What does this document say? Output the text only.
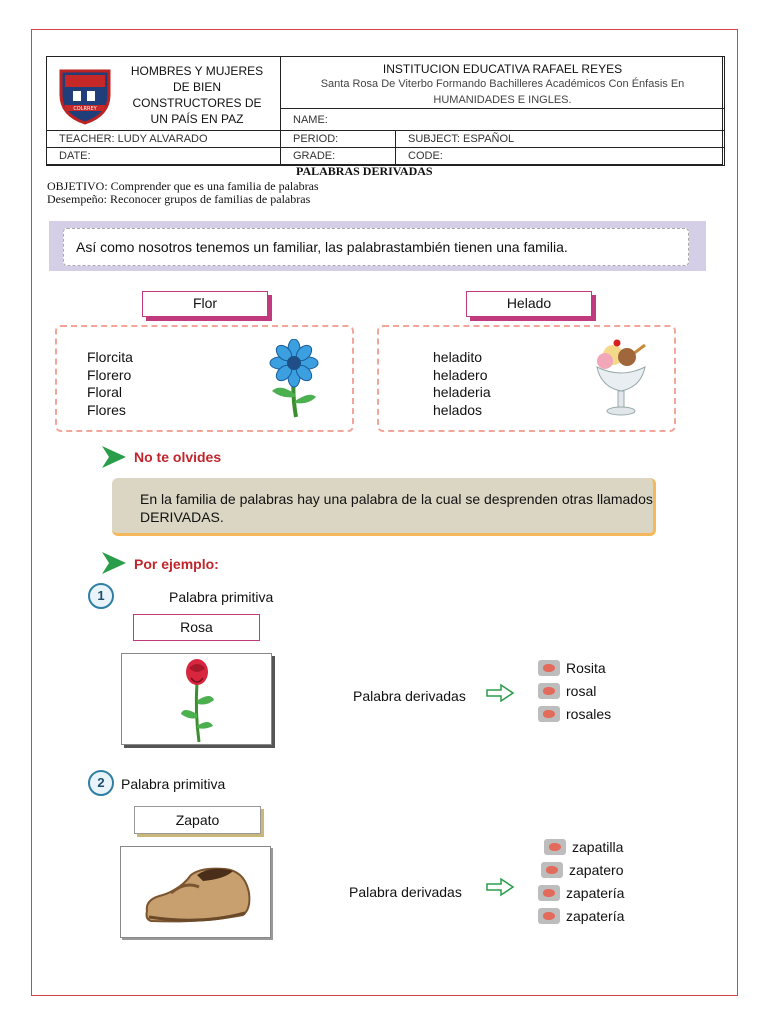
COLRREY
HOMBRES Y MUJERES
DE BIEN
CONSTRUCTORES DE
UN PAÍS EN PAZ
INSTITUCION EDUCATIVA RAFAEL REYES
Santa Rosa De Viterbo Formando Bachilleres Académicos Con Énfasis En HUMANIDADES E INGLES.
NAME:
TEACHER: LUDY ALVARADO	PERIOD:	SUBJECT: ESPAÑOL
DATE:	GRADE:	CODE:
PALABRAS DERIVADAS
OBJETIVO: Comprender que es una familia de palabras
Desempeño: Reconocer grupos de familias de palabras
Así como nosotros tenemos un familiar, las palabrastambién tienen una familia.
Flor
Florcita
Florero
Floral
Flores
Helado
heladito
heladero
heladeria
helados
No te olvides
En la familia de palabras hay una palabra de la cual se desprenden otras llamados DERIVADAS.
Por ejemplo:
1	Palabra primitiva
Rosa
Palabra derivadas
Rosita
rosal
rosales
2	Palabra primitiva
Zapato
Palabra derivadas
zapatilla
zapatero
zapatería
zapatería
